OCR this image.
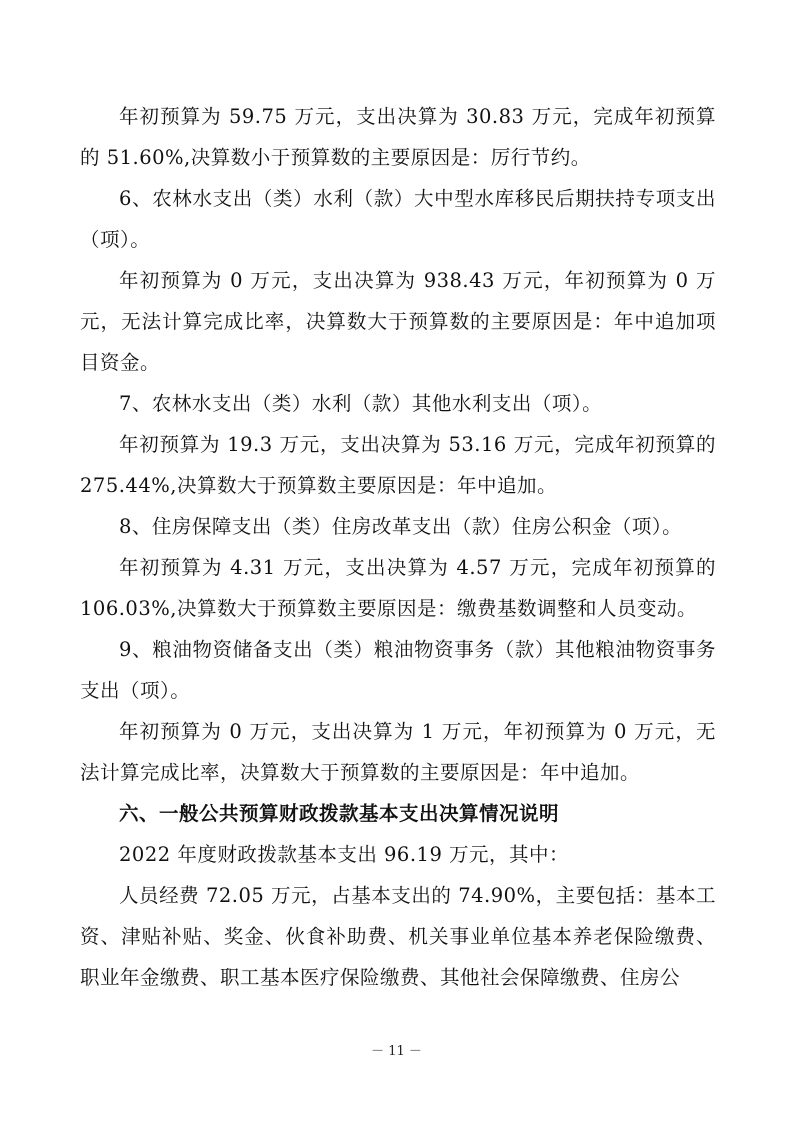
年初预算为 59.75 万元，支出决算为 30.83 万元，完成年初预算的 51.60%,决算数小于预算数的主要原因是：厉行节约。

6、农林水支出（类）水利（款）大中型水库移民后期扶持专项支出（项）。

年初预算为 0 万元，支出决算为 938.43 万元，年初预算为 0 万元，无法计算完成比率，决算数大于预算数的主要原因是：年中追加项目资金。

7、农林水支出（类）水利（款）其他水利支出（项）。

年初预算为 19.3 万元，支出决算为 53.16 万元，完成年初预算的 275.44%,决算数大于预算数主要原因是：年中追加。

8、住房保障支出（类）住房改革支出（款）住房公积金（项）。

年初预算为 4.31 万元，支出决算为 4.57 万元，完成年初预算的 106.03%,决算数大于预算数主要原因是：缴费基数调整和人员变动。

9、粮油物资储备支出（类）粮油物资事务（款）其他粮油物资事务支出（项）。

年初预算为 0 万元，支出决算为 1 万元，年初预算为 0 万元，无法计算完成比率，决算数大于预算数的主要原因是：年中追加。

六、一般公共预算财政拨款基本支出决算情况说明

2022 年度财政拨款基本支出 96.19 万元，其中：

人员经费 72.05 万元，占基本支出的 74.90%，主要包括：基本工资、津贴补贴、奖金、伙食补助费、机关事业单位基本养老保险缴费、职业年金缴费、职工基本医疗保险缴费、其他社会保障缴费、住房公

－ 11 －
